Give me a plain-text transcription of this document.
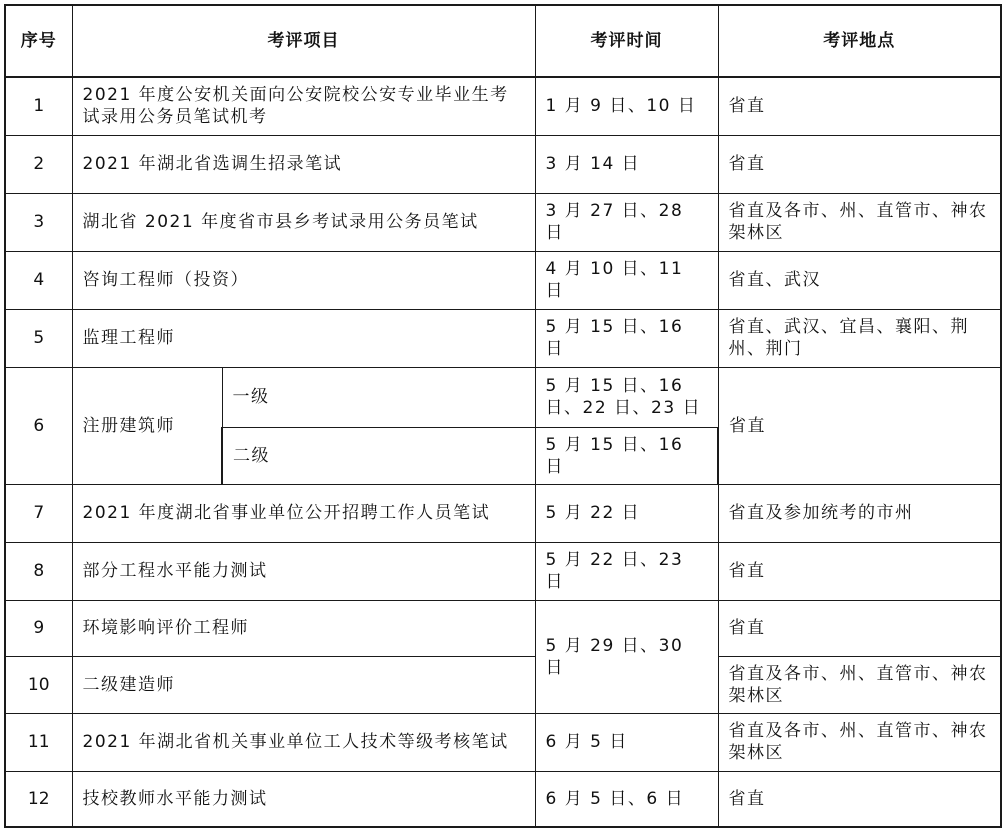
序号	考评项目		考评时间	考评地点
1	2021 年度公安机关面向公安院校公安专业毕业生考试录用公务员笔试机考		1 月 9 日、10 日	省直
2	2021 年湖北省选调生招录笔试		3 月 14 日	省直
3	湖北省 2021 年度省市县乡考试录用公务员笔试		3 月 27 日、28 日	省直及各市、州、直管市、神农架林区
4	咨询工程师（投资）		4 月 10 日、11 日	省直、武汉
5	监理工程师		5 月 15 日、16 日	省直、武汉、宜昌、襄阳、荆州、荆门
6	注册建筑师	一级	5 月 15 日、16 日、22 日、23 日	省直
		二级	5 月 15 日、16 日	
7	2021 年度湖北省事业单位公开招聘工作人员笔试		5 月 22 日	省直及参加统考的市州
8	部分工程水平能力测试		5 月 22 日、23 日	省直
9	环境影响评价工程师		5 月 29 日、30 日	省直
10	二级建造师			省直及各市、州、直管市、神农架林区
11	2021 年湖北省机关事业单位工人技术等级考核笔试		6 月 5 日	省直及各市、州、直管市、神农架林区
12	技校教师水平能力测试		6 月 5 日、6 日	省直
